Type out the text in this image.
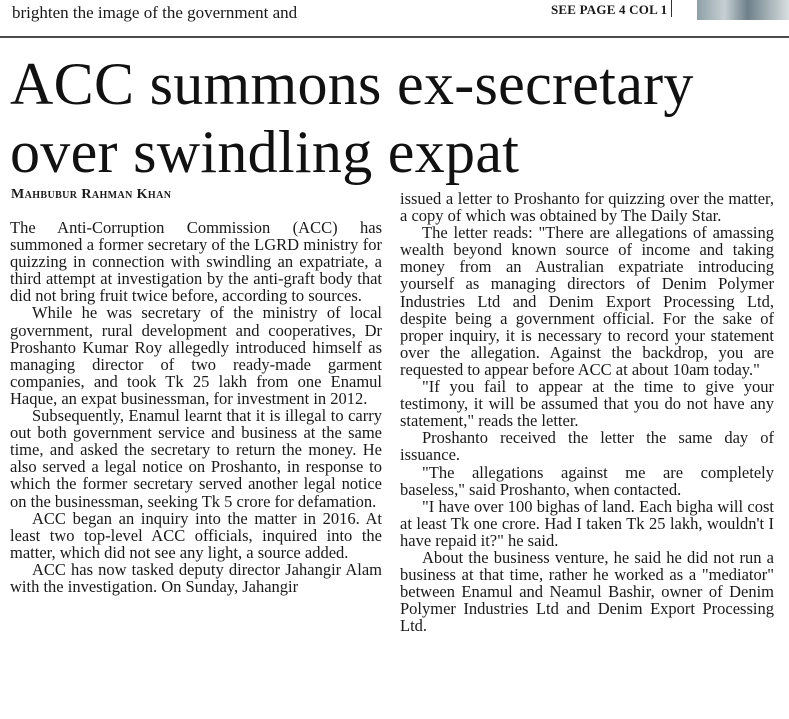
brighten the image of the government and	SEE PAGE 4 COL 1
ACC summons ex-secretary
over swindling expat
Mahbubur Rahman Khan

The Anti-Corruption Commission (ACC) has summoned a former secretary of the LGRD ministry for quizzing in connection with swindling an expatriate, a third attempt at investigation by the anti-graft body that did not bring fruit twice before, according to sources.

While he was secretary of the ministry of local government, rural development and cooperatives, Dr Proshanto Kumar Roy allegedly introduced himself as managing director of two ready-made garment companies, and took Tk 25 lakh from one Enamul Haque, an expat businessman, for investment in 2012.

Subsequently, Enamul learnt that it is illegal to carry out both government service and business at the same time, and asked the secretary to return the money. He also served a legal notice on Proshanto, in response to which the former secretary served another legal notice on the businessman, seeking Tk 5 crore for defamation.

ACC began an inquiry into the matter in 2016. At least two top-level ACC officials, inquired into the matter, which did not see any light, a source added.

ACC has now tasked deputy director Jahangir Alam with the investigation. On Sunday, Jahangir

issued a letter to Proshanto for quizzing over the matter, a copy of which was obtained by The Daily Star.

The letter reads: "There are allegations of amassing wealth beyond known source of income and taking money from an Australian expatriate introducing yourself as managing directors of Denim Polymer Industries Ltd and Denim Export Processing Ltd, despite being a government official. For the sake of proper inquiry, it is necessary to record your statement over the allegation. Against the backdrop, you are requested to appear before ACC at about 10am today."

"If you fail to appear at the time to give your testimony, it will be assumed that you do not have any statement," reads the letter.

Proshanto received the letter the same day of issuance.

"The allegations against me are completely baseless," said Proshanto, when contacted.

"I have over 100 bighas of land. Each bigha will cost at least Tk one crore. Had I taken Tk 25 lakh, wouldn't I have repaid it?" he said.

About the business venture, he said he did not run a business at that time, rather he worked as a "mediator" between Enamul and Neamul Bashir, owner of Denim Polymer Industries Ltd and Denim Export Processing Ltd.
